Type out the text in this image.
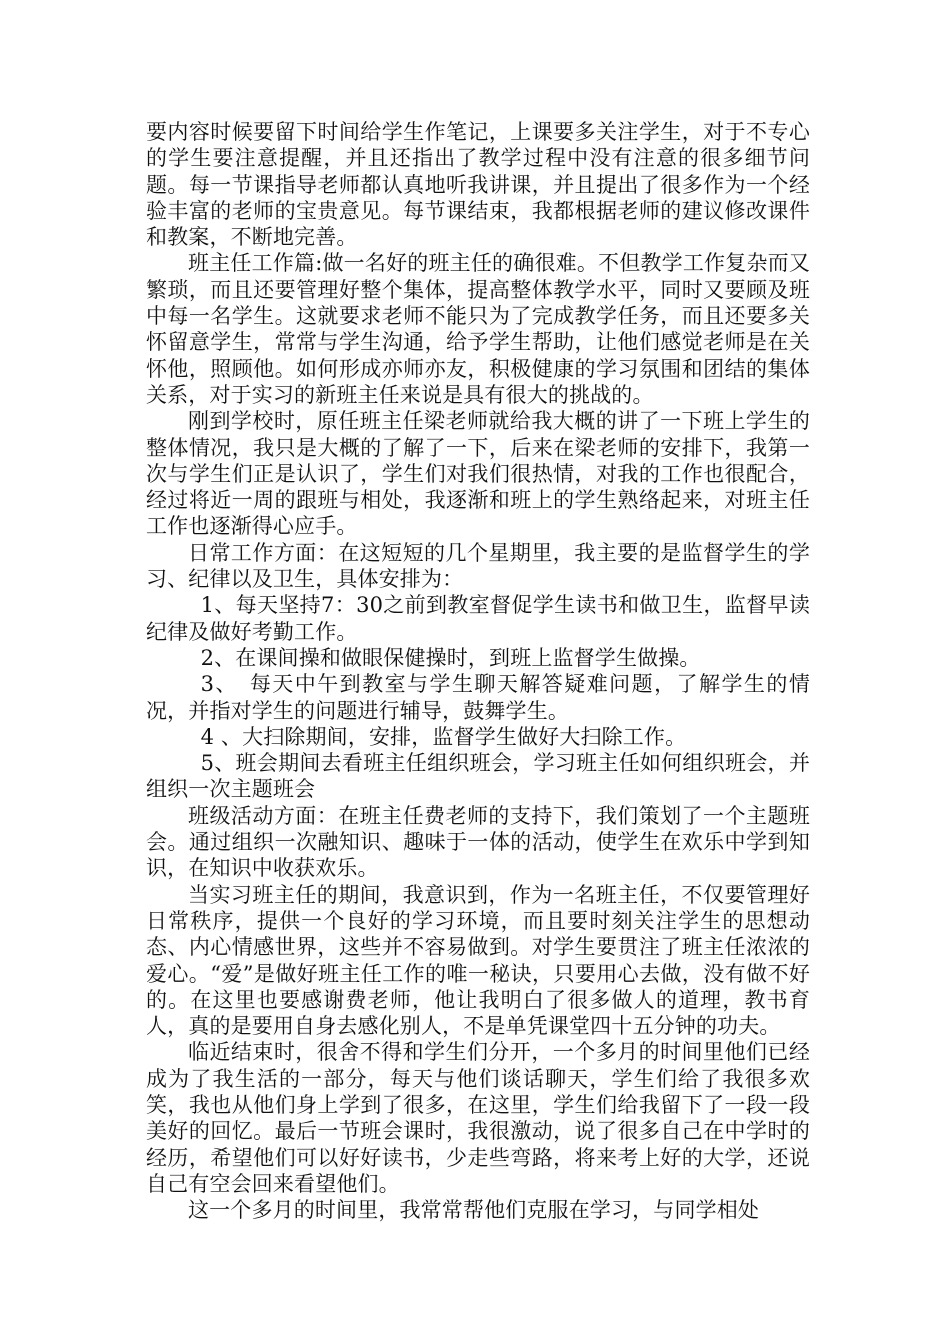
要内容时候要留下时间给学生作笔记，上课要多关注学生，对于不专心的学生要注意提醒，并且还指出了教学过程中没有注意的很多细节问题。每一节课指导老师都认真地听我讲课，并且提出了很多作为一个经验丰富的老师的宝贵意见。每节课结束，我都根据老师的建议修改课件和教案，不断地完善。

班主任工作篇:做一名好的班主任的确很难。不但教学工作复杂而又繁琐，而且还要管理好整个集体，提高整体教学水平，同时又要顾及班中每一名学生。这就要求老师不能只为了完成教学任务，而且还要多关怀留意学生，常常与学生沟通，给予学生帮助，让他们感觉老师是在关怀他，照顾他。如何形成亦师亦友，积极健康的学习氛围和团结的集体关系，对于实习的新班主任来说是具有很大的挑战的。

刚到学校时，原任班主任梁老师就给我大概的讲了一下班上学生的整体情况，我只是大概的了解了一下，后来在梁老师的安排下，我第一次与学生们正是认识了，学生们对我们很热情，对我的工作也很配合，经过将近一周的跟班与相处，我逐渐和班上的学生熟络起来，对班主任工作也逐渐得心应手。

日常工作方面：在这短短的几个星期里，我主要的是监督学生的学习、纪律以及卫生，具体安排为：

1、每天坚持7：30之前到教室督促学生读书和做卫生，监督早读纪律及做好考勤工作。

2、在课间操和做眼保健操时，到班上监督学生做操。

3、　每天中午到教室与学生聊天解答疑难问题，了解学生的情况，并指对学生的问题进行辅导，鼓舞学生。

4 、大扫除期间，安排，监督学生做好大扫除工作。

5、班会期间去看班主任组织班会，学习班主任如何组织班会，并组织一次主题班会

班级活动方面：在班主任费老师的支持下，我们策划了一个主题班会。通过组织一次融知识、趣味于一体的活动，使学生在欢乐中学到知识，在知识中收获欢乐。

当实习班主任的期间，我意识到，作为一名班主任，不仅要管理好日常秩序，提供一个良好的学习环境，而且要时刻关注学生的思想动态、内心情感世界，这些并不容易做到。对学生要贯注了班主任浓浓的爱心。“爱”是做好班主任工作的唯一秘诀，只要用心去做，没有做不好的。在这里也要感谢费老师，他让我明白了很多做人的道理，教书育人，真的是要用自身去感化别人，不是单凭课堂四十五分钟的功夫。

临近结束时，很舍不得和学生们分开，一个多月的时间里他们已经成为了我生活的一部分，每天与他们谈话聊天，学生们给了我很多欢笑，我也从他们身上学到了很多，在这里，学生们给我留下了一段一段美好的回忆。最后一节班会课时，我很激动，说了很多自己在中学时的经历，希望他们可以好好读书，少走些弯路，将来考上好的大学，还说自己有空会回来看望他们。

这一个多月的时间里，我常常帮他们克服在学习，与同学相处
